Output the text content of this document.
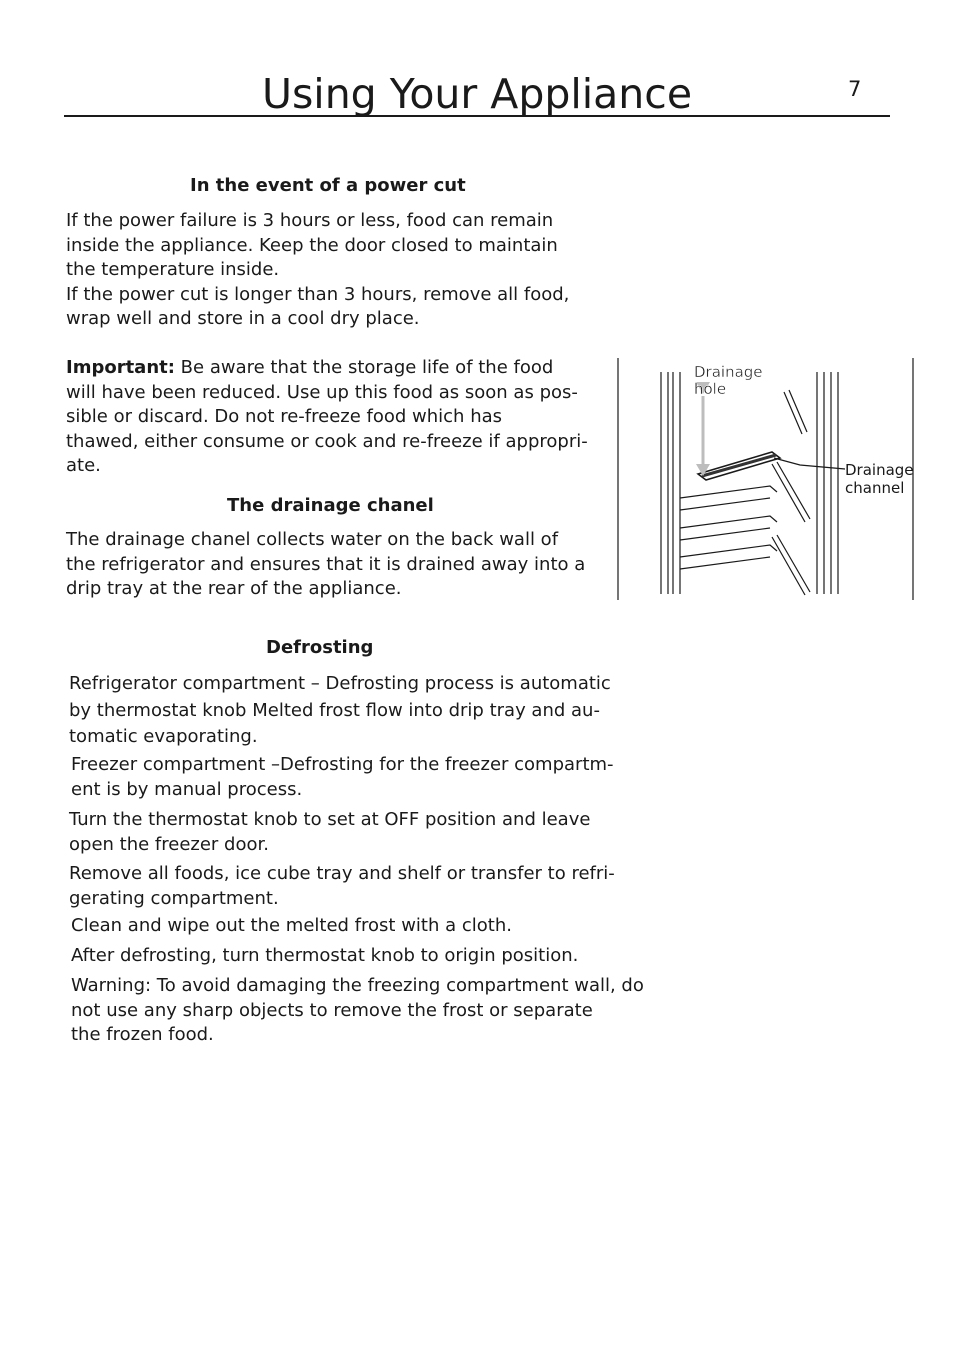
Using Your Appliance	7
In the event of a power cut

If the power failure is 3 hours or less, food can remain
inside the appliance. Keep the door closed to maintain
the temperature inside.
If the power cut is longer than 3 hours, remove all food,
wrap well and store in a cool dry place.

Important: Be aware that the storage life of the food
will have been reduced. Use up this food as soon as pos-
sible or discard. Do not re-freeze food which has
thawed, either consume or cook and re-freeze if appropri-
ate.

The drainage chanel

The drainage chanel collects water on the back wall of
the refrigerator and ensures that it is drained away into a
drip tray at the rear of the appliance.

Drainage
hole
Drainage
channel
Defrosting

Refrigerator compartment – Defrosting process is automatic
by thermostat knob Melted frost flow into drip tray and au-
tomatic evaporating.

Freezer compartment –Defrosting for the freezer compartm-
ent is by manual process.

Turn the thermostat knob to set at OFF position and leave
open the freezer door.

Remove all foods, ice cube tray and shelf or transfer to refri-
gerating compartment.

Clean and wipe out the melted frost with a cloth.

After defrosting, turn thermostat knob to origin position.

Warning: To avoid damaging the freezing compartment wall, do
not use any sharp objects to remove the frost or separate
the frozen food.
